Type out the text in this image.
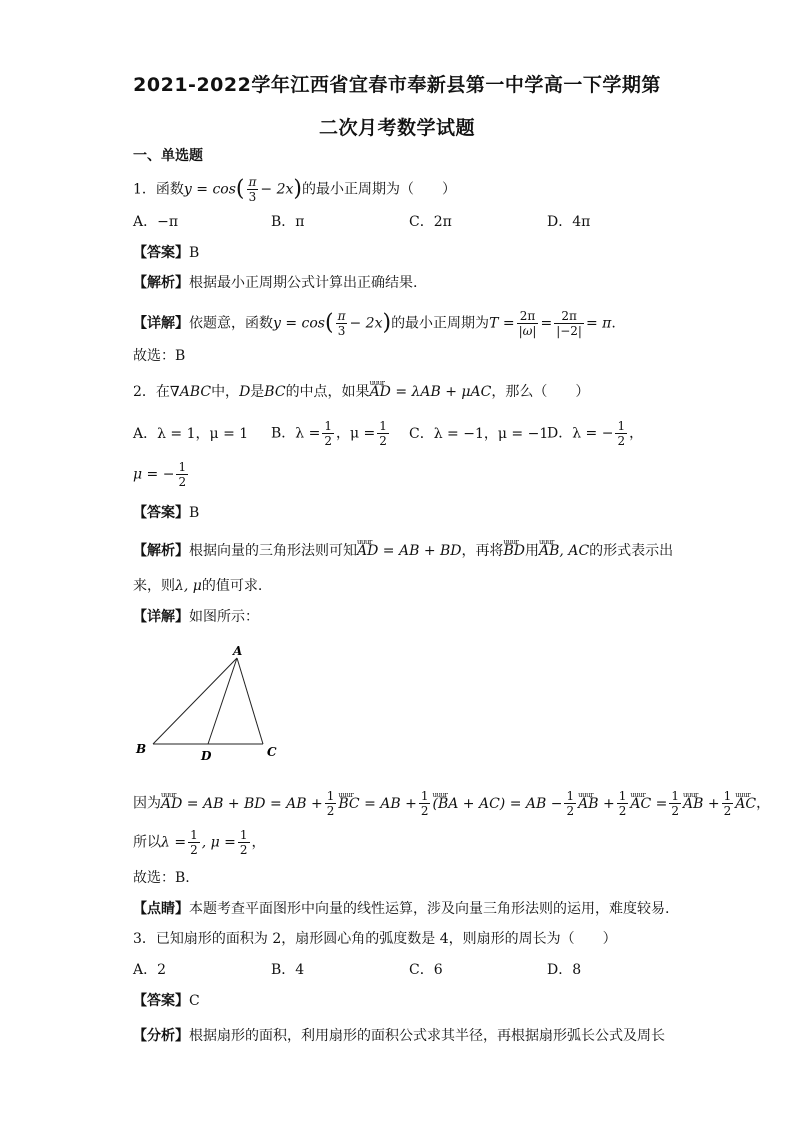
2021-2022学年江西省宜春市奉新县第一中学高一下学期第
二次月考数学试题
一、单选题
1．函数$y = \cos( \frac{\pi}{3} - 2x)$的最小正周期为（　　）
A．−π	B．π	C．2π	D．4π
【答案】B
【解析】根据最小正周期公式计算出正确结果.
【详解】依题意，函数$y = \cos( \frac{\pi}{3} - 2x)$的最小正周期为$T = \frac{2\pi}{|\omega|} = \frac{2\pi}{|-2|} = \pi$.
故选：B
2．在∇ABC中，D是BC的中点，如果uuur AD = λAB + μAC，那么（　　）
A．λ = 1，μ = 1 B．$\lambda = \frac{1}{2}$ ，$\mu = \frac{1}{2}$ C．λ = −1，μ = −1
D．λ = − $\frac{1}{2}$ ，
μ = − $\frac{1}{2}$
【答案】B
【解析】根据向量的三角形法则可知uuur AD = AB + BD，再将uuur BD用uuur AB, AC的形式表示出
来，则λ, μ的值可求.
【详解】如图所示：
A
B	C
D
因为uuur AD = AB + BD = AB + $\frac{1}{2}$ uuur BC = AB + $\frac{1}{2}$ uuur (BA + AC) = AB − $\frac{1}{2}$ uuur AB + $\frac{1}{2}$ uuur AC = $\frac{1}{2}$ uuur AB + $\frac{1}{2}$ uuur AC，
所以$\lambda = \frac{1}{2}$ , $\mu = \frac{1}{2}$ ，
故选：B.
【点睛】本题考查平面图形中向量的线性运算，涉及向量三角形法则的运用，难度较易.
3．已知扇形的面积为 2，扇形圆心角的弧度数是 4，则扇形的周长为（　　）
A．2	B．4	C．6	D．8
【答案】C
【分析】根据扇形的面积，利用扇形的面积公式求其半径，再根据扇形弧长公式及周长
